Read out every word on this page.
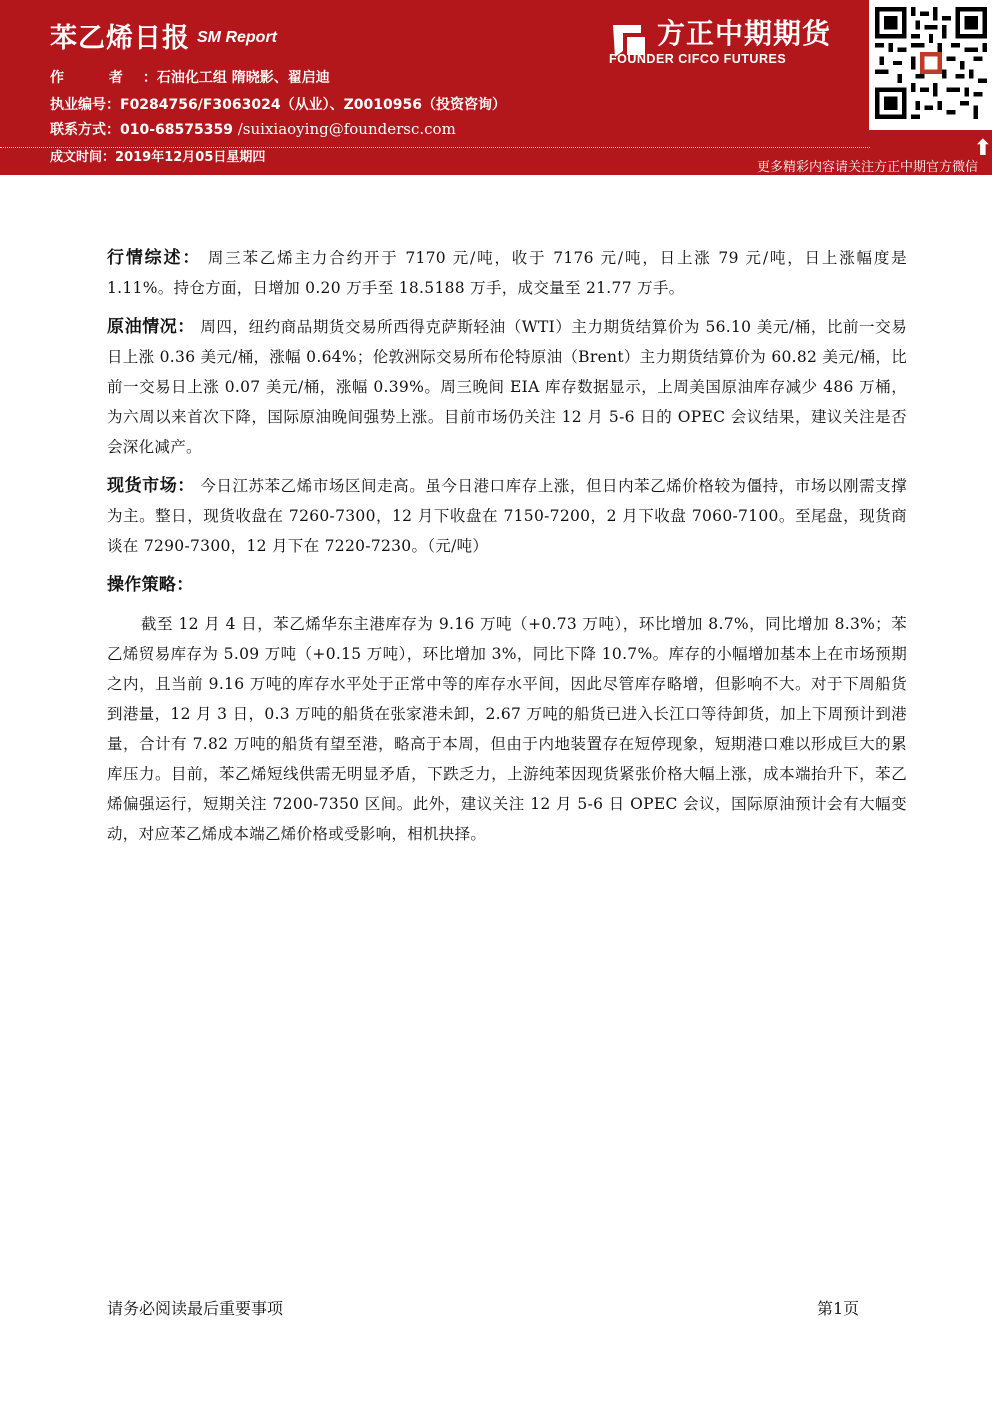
苯乙烯日报 SM Report
作 者：石油化工组 隋晓影、翟启迪
执业编号：F0284756/F3063024（从业）、Z0010956（投资咨询）
联系方式：010-68575359 /suixiaoying@foundersc.com
成文时间：2019年12月05日星期四
方正中期期货
FOUNDER CIFCO FUTURES
更多精彩内容请关注方正中期官方微信
⬆

行情综述： 周三苯乙烯主力合约开于 7170 元/吨，收于 7176 元/吨，日上涨 79 元/吨，日上涨幅度是 1.11%。持仓方面，日增加 0.20 万手至 18.5188 万手，成交量至 21.77 万手。

原油情况： 周四，纽约商品期货交易所西得克萨斯轻油（WTI）主力期货结算价为 56.10 美元/桶，比前一交易日上涨 0.36 美元/桶，涨幅 0.64%；伦敦洲际交易所布伦特原油（Brent）主力期货结算价为 60.82 美元/桶，比前一交易日上涨 0.07 美元/桶，涨幅 0.39%。周三晚间 EIA 库存数据显示，上周美国原油库存减少 486 万桶，为六周以来首次下降，国际原油晚间强势上涨。目前市场仍关注 12 月 5-6 日的 OPEC 会议结果，建议关注是否会深化减产。

现货市场： 今日江苏苯乙烯市场区间走高。虽今日港口库存上涨，但日内苯乙烯价格较为僵持，市场以刚需支撑为主。整日，现货收盘在 7260-7300，12 月下收盘在 7150-7200，2 月下收盘 7060-7100。至尾盘，现货商谈在 7290-7300，12 月下在 7220-7230。（元/吨）

操作策略：

截至 12 月 4 日，苯乙烯华东主港库存为 9.16 万吨（+0.73 万吨），环比增加 8.7%，同比增加 8.3%；苯乙烯贸易库存为 5.09 万吨（+0.15 万吨），环比增加 3%，同比下降 10.7%。库存的小幅增加基本上在市场预期之内，且当前 9.16 万吨的库存水平处于正常中等的库存水平间，因此尽管库存略增，但影响不大。对于下周船货到港量，12 月 3 日，0.3 万吨的船货在张家港未卸，2.67 万吨的船货已进入长江口等待卸货，加上下周预计到港量，合计有 7.82 万吨的船货有望至港，略高于本周，但由于内地装置存在短停现象，短期港口难以形成巨大的累库压力。目前，苯乙烯短线供需无明显矛盾，下跌乏力，上游纯苯因现货紧张价格大幅上涨，成本端抬升下，苯乙烯偏强运行，短期关注 7200-7350 区间。此外，建议关注 12 月 5-6 日 OPEC 会议，国际原油预计会有大幅变动，对应苯乙烯成本端乙烯价格或受影响，相机抉择。

请务必阅读最后重要事项	第1页
